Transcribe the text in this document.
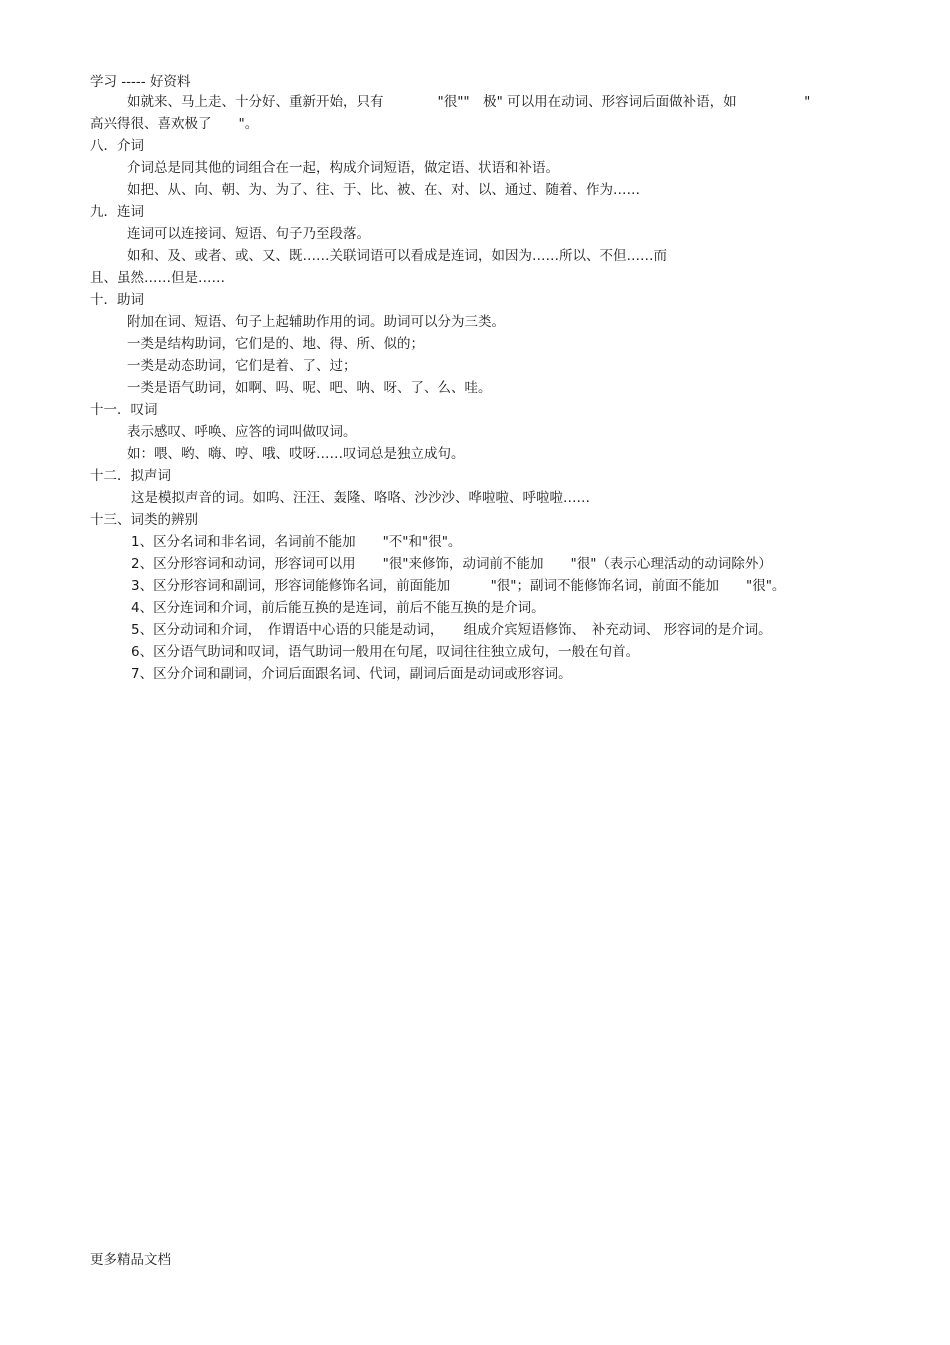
学习 ----- 好资料
如就来、马上走、十分好、重新开始，只有　　　　"很""　极" 可以用在动词、形容词后面做补语，如　　　　　"
高兴得很、喜欢极了　　"。
八．介词
介词总是同其他的词组合在一起，构成介词短语，做定语、状语和补语。
如把、从、向、朝、为、为了、往、于、比、被、在、对、以、通过、随着、作为……
九．连词
连词可以连接词、短语、句子乃至段落。
如和、及、或者、或、又、既……关联词语可以看成是连词，如因为……所以、不但……而
且、虽然……但是……
十．助词
附加在词、短语、句子上起辅助作用的词。助词可以分为三类。
一类是结构助词，它们是的、地、得、所、似的；
一类是动态助词，它们是着、了、过；
一类是语气助词，如啊、吗、呢、吧、呐、呀、了、么、哇。
十一．叹词
表示感叹、呼唤、应答的词叫做叹词。
如：喂、哟、嗨、哼、哦、哎呀……叹词总是独立成句。
十二．拟声词
这是模拟声音的词。如呜、汪汪、轰隆、咯咯、沙沙沙、哗啦啦、呼啦啦……
十三、词类的辨别
1、区分名词和非名词，名词前不能加　　"不"和"很"。
2、区分形容词和动词，形容词可以用　　"很"来修饰，动词前不能加　　"很"（表示心理活动的动词除外）
3、区分形容词和副词，形容词能修饰名词，前面能加　　　"很"；副词不能修饰名词，前面不能加　　"很"。
4、区分连词和介词，前后能互换的是连词，前后不能互换的是介词。
5、区分动词和介词，　作谓语中心语的只能是动词，　　组成介宾短语修饰、　补充动词、 形容词的是介词。
6、区分语气助词和叹词，语气助词一般用在句尾，叹词往往独立成句，一般在句首。
7、区分介词和副词，介词后面跟名词、代词，副词后面是动词或形容词。
更多精品文档
